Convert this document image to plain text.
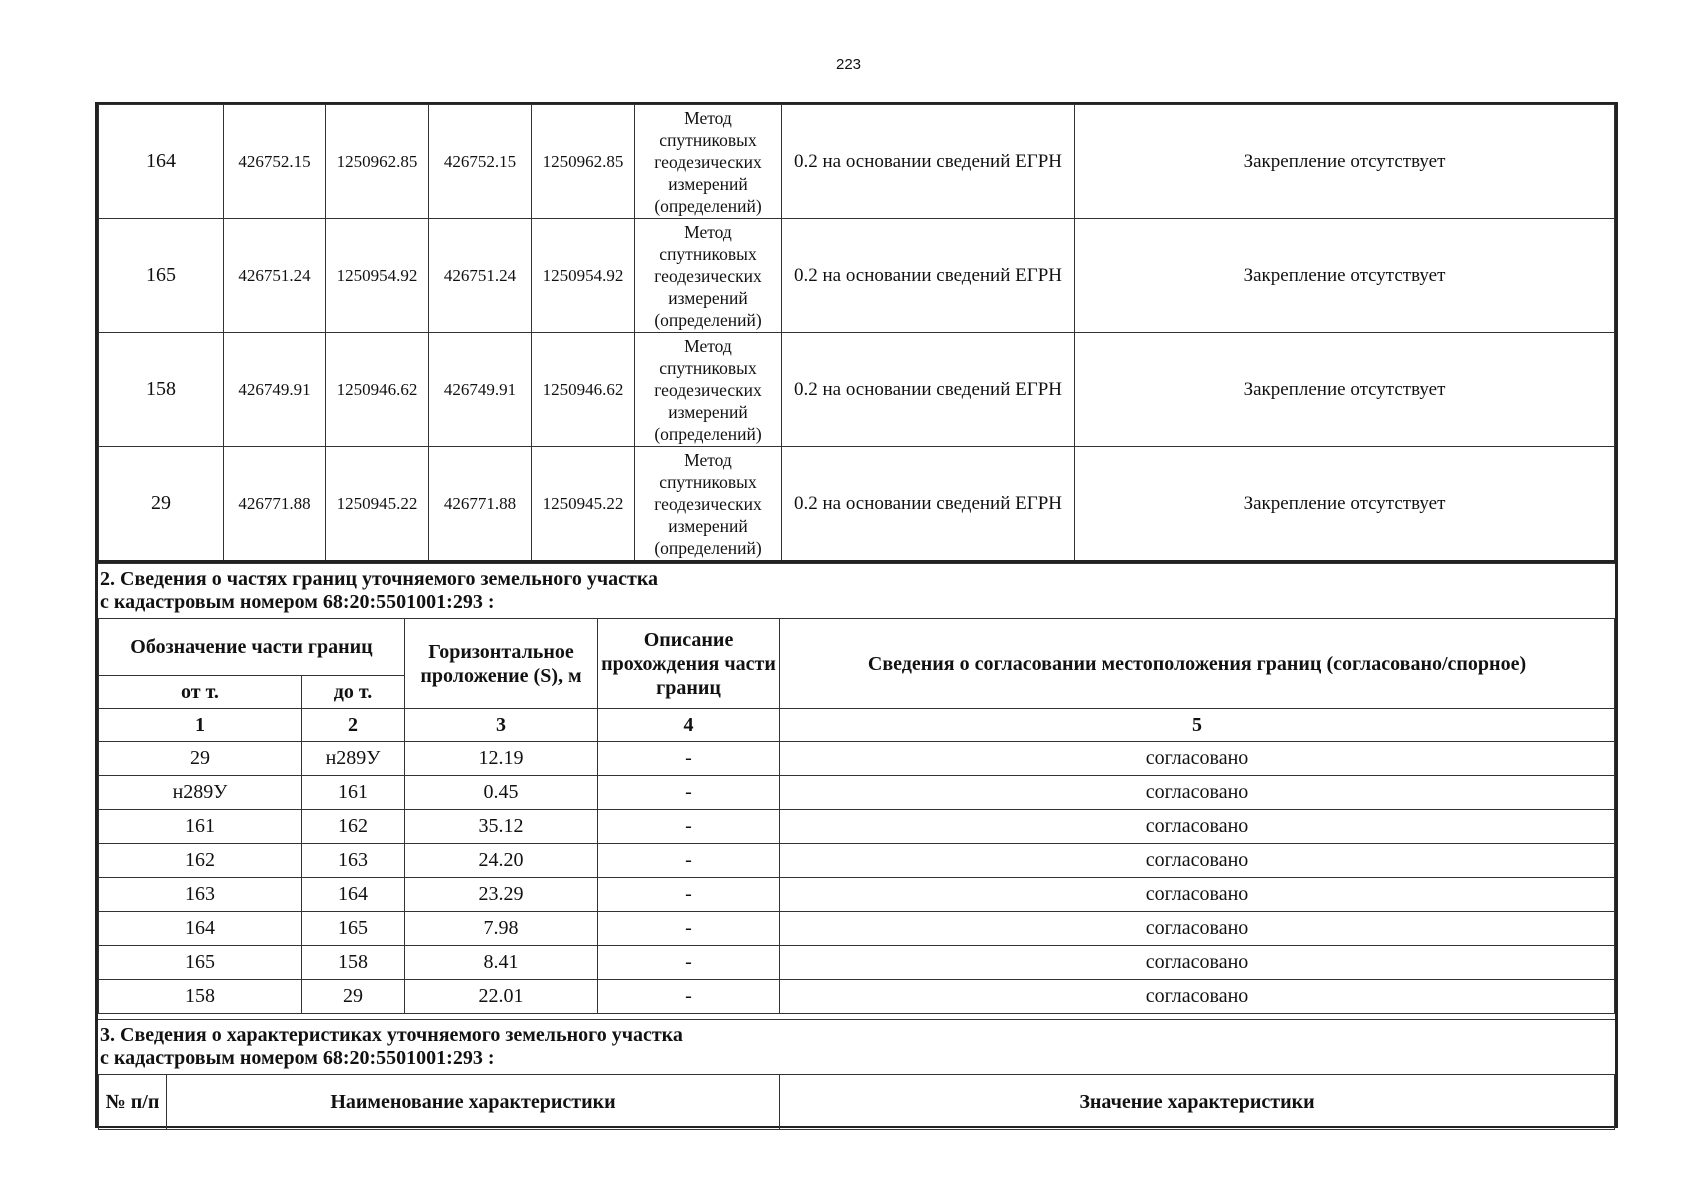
223
164	426752.15	1250962.85	426752.15	1250962.85	Метод
спутниковых
геодезических
измерений
(определений)	0.2 на основании сведений ЕГРН	Закрепление отсутствует
165	426751.24	1250954.92	426751.24	1250954.92	Метод
спутниковых
геодезических
измерений
(определений)	0.2 на основании сведений ЕГРН	Закрепление отсутствует
158	426749.91	1250946.62	426749.91	1250946.62	Метод
спутниковых
геодезических
измерений
(определений)	0.2 на основании сведений ЕГРН	Закрепление отсутствует
29	426771.88	1250945.22	426771.88	1250945.22	Метод
спутниковых
геодезических
измерений
(определений)	0.2 на основании сведений ЕГРН	Закрепление отсутствует
2. Сведения о частях границ уточняемого земельного участка
с кадастровым номером 68:20:5501001:293 :
Обозначение части границ		Горизонтальное проложение (S), м	Описание прохождения части границ	Сведения о согласовании местоположения границ (согласовано/спорное)
от т.	до т.			
1	2	3	4	5
29	н289У	12.19	-	согласовано
н289У	161	0.45	-	согласовано
161	162	35.12	-	согласовано
162	163	24.20	-	согласовано
163	164	23.29	-	согласовано
164	165	7.98	-	согласовано
165	158	8.41	-	согласовано
158	29	22.01	-	согласовано
3. Сведения о характеристиках уточняемого земельного участка
с кадастровым номером 68:20:5501001:293 :
№ п/п	Наименование характеристики	Значение характеристики
